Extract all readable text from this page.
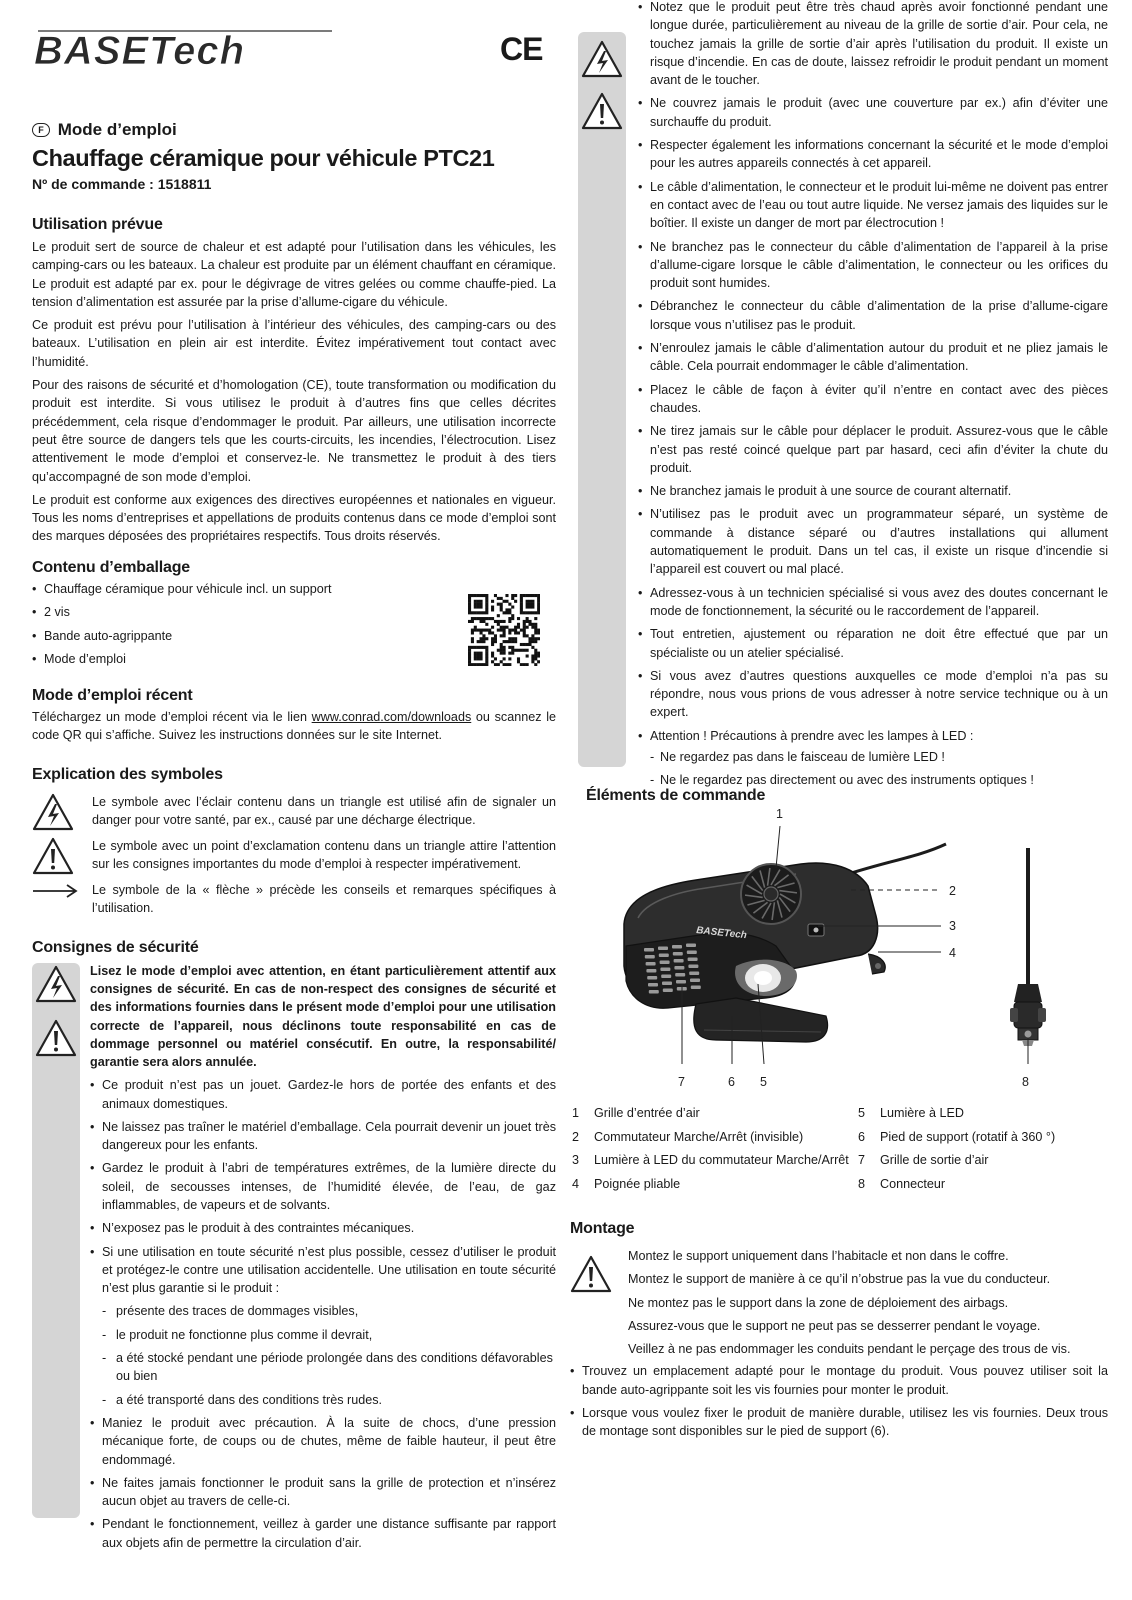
BASETech	CE
F Mode d’emploi
Chauffage céramique pour véhicule PTC21
Nº de commande : 1518811
Utilisation prévue

Le produit sert de source de chaleur et est adapté pour l’utilisation dans les véhicules, les camping-cars ou les bateaux. La chaleur est produite par un élément chauffant en céramique. Le produit est adapté par ex. pour le dégivrage de vitres gelées ou comme chauffe-pied. La tension d’alimentation est assurée par la prise d’allume-cigare du véhicule.

Ce produit est prévu pour l’utilisation à l’intérieur des véhicules, des camping-cars ou des bateaux. L’utilisation en plein air est interdite. Évitez impérativement tout contact avec l’humidité.

Pour des raisons de sécurité et d’homologation (CE), toute transformation ou modification du produit est interdite. Si vous utilisez le produit à d’autres fins que celles décrites précédemment, cela risque d’endommager le produit. Par ailleurs, une utilisation incorrecte peut être source de dangers tels que les courts-circuits, les incendies, l’électrocution. Lisez attentivement le mode d’emploi et conservez-le. Ne transmettez le produit à des tiers qu’accompagné de son mode d’emploi.

Le produit est conforme aux exigences des directives européennes et nationales en vigueur. Tous les noms d’entreprises et appellations de produits contenus dans ce mode d’emploi sont des marques déposées des propriétaires respectifs. Tous droits réservés.

Contenu d’emballage
• Chauffage céramique pour véhicule incl. un support
• 2 vis
• Bande auto-agrippante
• Mode d’emploi
Mode d’emploi récent

Téléchargez un mode d’emploi récent via le lien www.conrad.com/downloads ou scannez le code QR qui s’affiche. Suivez les instructions données sur le site Internet.

Explication des symboles

Le symbole avec l’éclair contenu dans un triangle est utilisé afin de signaler un danger pour votre santé, par ex., causé par une décharge électrique.

Le symbole avec un point d’exclamation contenu dans un triangle attire l’attention sur les consignes importantes du mode d’emploi à respecter impérativement.

Le symbole de la « flèche » précède les conseils et remarques spécifiques à l’utilisation.

Consignes de sécurité

Lisez le mode d’emploi avec attention, en étant particulièrement attentif aux consignes de sécurité. En cas de non-respect des consignes de sécurité et des informations fournies dans le présent mode d’emploi pour une utilisation correcte de l’appareil, nous déclinons toute responsabilité en cas de dommage personnel ou matériel consécutif. En outre, la responsabilité/ garantie sera alors annulée.

• Ce produit n’est pas un jouet. Gardez-le hors de portée des enfants et des animaux domestiques.
• Ne laissez pas traîner le matériel d’emballage. Cela pourrait devenir un jouet très dangereux pour les enfants.
• Gardez le produit à l’abri de températures extrêmes, de la lumière directe du soleil, de secousses intenses, de l’humidité élevée, de l’eau, de gaz inflammables, de vapeurs et de solvants.
• N’exposez pas le produit à des contraintes mécaniques.
• Si une utilisation en toute sécurité n’est plus possible, cessez d’utiliser le produit et protégez-le contre une utilisation accidentelle. Une utilisation en toute sécurité n’est plus garantie si le produit :
- présente des traces de dommages visibles,
- le produit ne fonctionne plus comme il devrait,
- a été stocké pendant une période prolongée dans des conditions défavorables ou bien
- a été transporté dans des conditions très rudes.
• Maniez le produit avec précaution. À la suite de chocs, d’une pression mécanique forte, de coups ou de chutes, même de faible hauteur, il peut être endommagé.
• Ne faites jamais fonctionner le produit sans la grille de protection et n’insérez aucun objet au travers de celle-ci.
• Pendant le fonctionnement, veillez à garder une distance suffisante par rapport aux objets afin de permettre la circulation d’air.
• Notez que le produit peut être très chaud après avoir fonctionné pendant une longue durée, particulièrement au niveau de la grille de sortie d’air. Pour cela, ne touchez jamais la grille de sortie d’air après l’utilisation du produit. Il existe un risque d’incendie. En cas de doute, laissez refroidir le produit pendant un moment avant de le toucher.
• Ne couvrez jamais le produit (avec une couverture par ex.) afin d’éviter une surchauffe du produit.
• Respecter également les informations concernant la sécurité et le mode d’emploi pour les autres appareils connectés à cet appareil.
• Le câble d’alimentation, le connecteur et le produit lui-même ne doivent pas entrer en contact avec de l’eau ou tout autre liquide. Ne versez jamais des liquides sur le boîtier. Il existe un danger de mort par électrocution !
• Ne branchez pas le connecteur du câble d’alimentation de l’appareil à la prise d’allume-cigare lorsque le câble d’alimentation, le connecteur ou les orifices du produit sont humides.
• Débranchez le connecteur du câble d’alimentation de la prise d’allume-cigare lorsque vous n’utilisez pas le produit.
• N’enroulez jamais le câble d’alimentation autour du produit et ne pliez jamais le câble. Cela pourrait endommager le câble d’alimentation.
• Placez le câble de façon à éviter qu’il n’entre en contact avec des pièces chaudes.
• Ne tirez jamais sur le câble pour déplacer le produit. Assurez-vous que le câble n’est pas resté coincé quelque part par hasard, ceci afin d’éviter la chute du produit.
• Ne branchez jamais le produit à une source de courant alternatif.
• N’utilisez pas le produit avec un programmateur séparé, un système de commande à distance séparé ou d’autres installations qui allument automatiquement le produit. Dans un tel cas, il existe un risque d’incendie si l’appareil est couvert ou mal placé.
• Adressez-vous à un technicien spécialisé si vous avez des doutes concernant le mode de fonctionnement, la sécurité ou le raccordement de l’appareil.
• Tout entretien, ajustement ou réparation ne doit être effectué que par un spécialiste ou un atelier spécialisé.
• Si vous avez d’autres questions auxquelles ce mode d’emploi n’a pas su répondre, nous vous prions de vous adresser à notre service technique ou à un expert.
• Attention ! Précautions à prendre avec les lampes à LED :
- Ne regardez pas dans le faisceau de lumière LED !
- Ne le regardez pas directement ou avec des instruments optiques !
Éléments de commande
BASETech
1
2
3
4
7	6 5	8
1	Grille d’entrée d’air	5	Lumière à LED
2	Commutateur Marche/Arrêt (invisible)	6	Pied de support (rotatif à 360 °)
3	Lumière à LED du commutateur Marche/Arrêt	7	Grille de sortie d’air
4	Poignée pliable	8	Connecteur
Montage

Montez le support uniquement dans l’habitacle et non dans le coffre.

Montez le support de manière à ce qu’il n’obstrue pas la vue du conducteur.

Ne montez pas le support dans la zone de déploiement des airbags.

Assurez-vous que le support ne peut pas se desserrer pendant le voyage.

Veillez à ne pas endommager les conduits pendant le perçage des trous de vis.

• Trouvez un emplacement adapté pour le montage du produit. Vous pouvez utiliser soit la bande auto-agrippante soit les vis fournies pour monter le produit.
• Lorsque vous voulez fixer le produit de manière durable, utilisez les vis fournies. Deux trous de montage sont disponibles sur le pied de support (6).
